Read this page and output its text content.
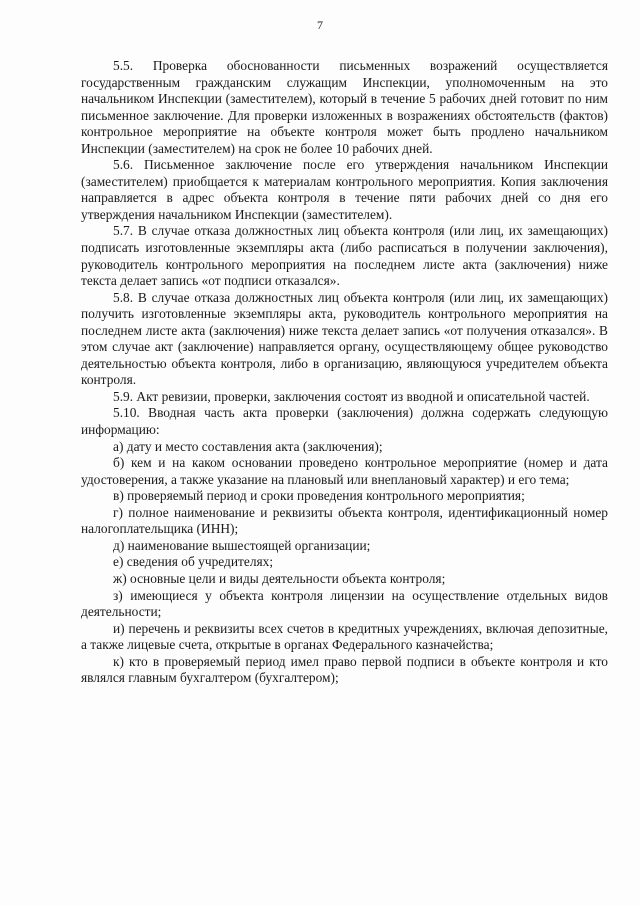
7

5.5. Проверка обоснованности письменных возражений осуществляется государственным гражданским служащим Инспекции, уполномоченным на это начальником Инспекции (заместителем), который в течение 5 рабочих дней готовит по ним письменное заключение. Для проверки изложенных в возражениях обстоятельств (фактов) контрольное мероприятие на объекте контроля может быть продлено начальником Инспекции (заместителем) на срок не более 10 рабочих дней.

5.6. Письменное заключение после его утверждения начальником Инспекции (заместителем) приобщается к материалам контрольного мероприятия. Копия заключения направляется в адрес объекта контроля в течение пяти рабочих дней со дня его утверждения начальником Инспекции (заместителем).

5.7. В случае отказа должностных лиц объекта контроля (или лиц, их замещающих) подписать изготовленные экземпляры акта (либо расписаться в получении заключения), руководитель контрольного мероприятия на последнем листе акта (заключения) ниже текста делает запись «от подписи отказался».

5.8. В случае отказа должностных лиц объекта контроля (или лиц, их замещающих) получить изготовленные экземпляры акта, руководитель контрольного мероприятия на последнем листе акта (заключения) ниже текста делает запись «от получения отказался». В этом случае акт (заключение) направляется органу, осуществляющему общее руководство деятельностью объекта контроля, либо в организацию, являющуюся учредителем объекта контроля.

5.9. Акт ревизии, проверки, заключения состоят из вводной и описательной частей.

5.10. Вводная часть акта проверки (заключения) должна содержать следующую информацию:

а) дату и место составления акта (заключения);

б) кем и на каком основании проведено контрольное мероприятие (номер и дата удостоверения, а также указание на плановый или внеплановый характер) и его тема;

в) проверяемый период и сроки проведения контрольного мероприятия;

г) полное наименование и реквизиты объекта контроля, идентификационный номер налогоплательщика (ИНН);

д) наименование вышестоящей организации;

е) сведения об учредителях;

ж) основные цели и виды деятельности объекта контроля;

з) имеющиеся у объекта контроля лицензии на осуществление отдельных видов деятельности;

и) перечень и реквизиты всех счетов в кредитных учреждениях, включая депозитные, а также лицевые счета, открытые в органах Федерального казначейства;

к) кто в проверяемый период имел право первой подписи в объекте контроля и кто являлся главным бухгалтером (бухгалтером);
